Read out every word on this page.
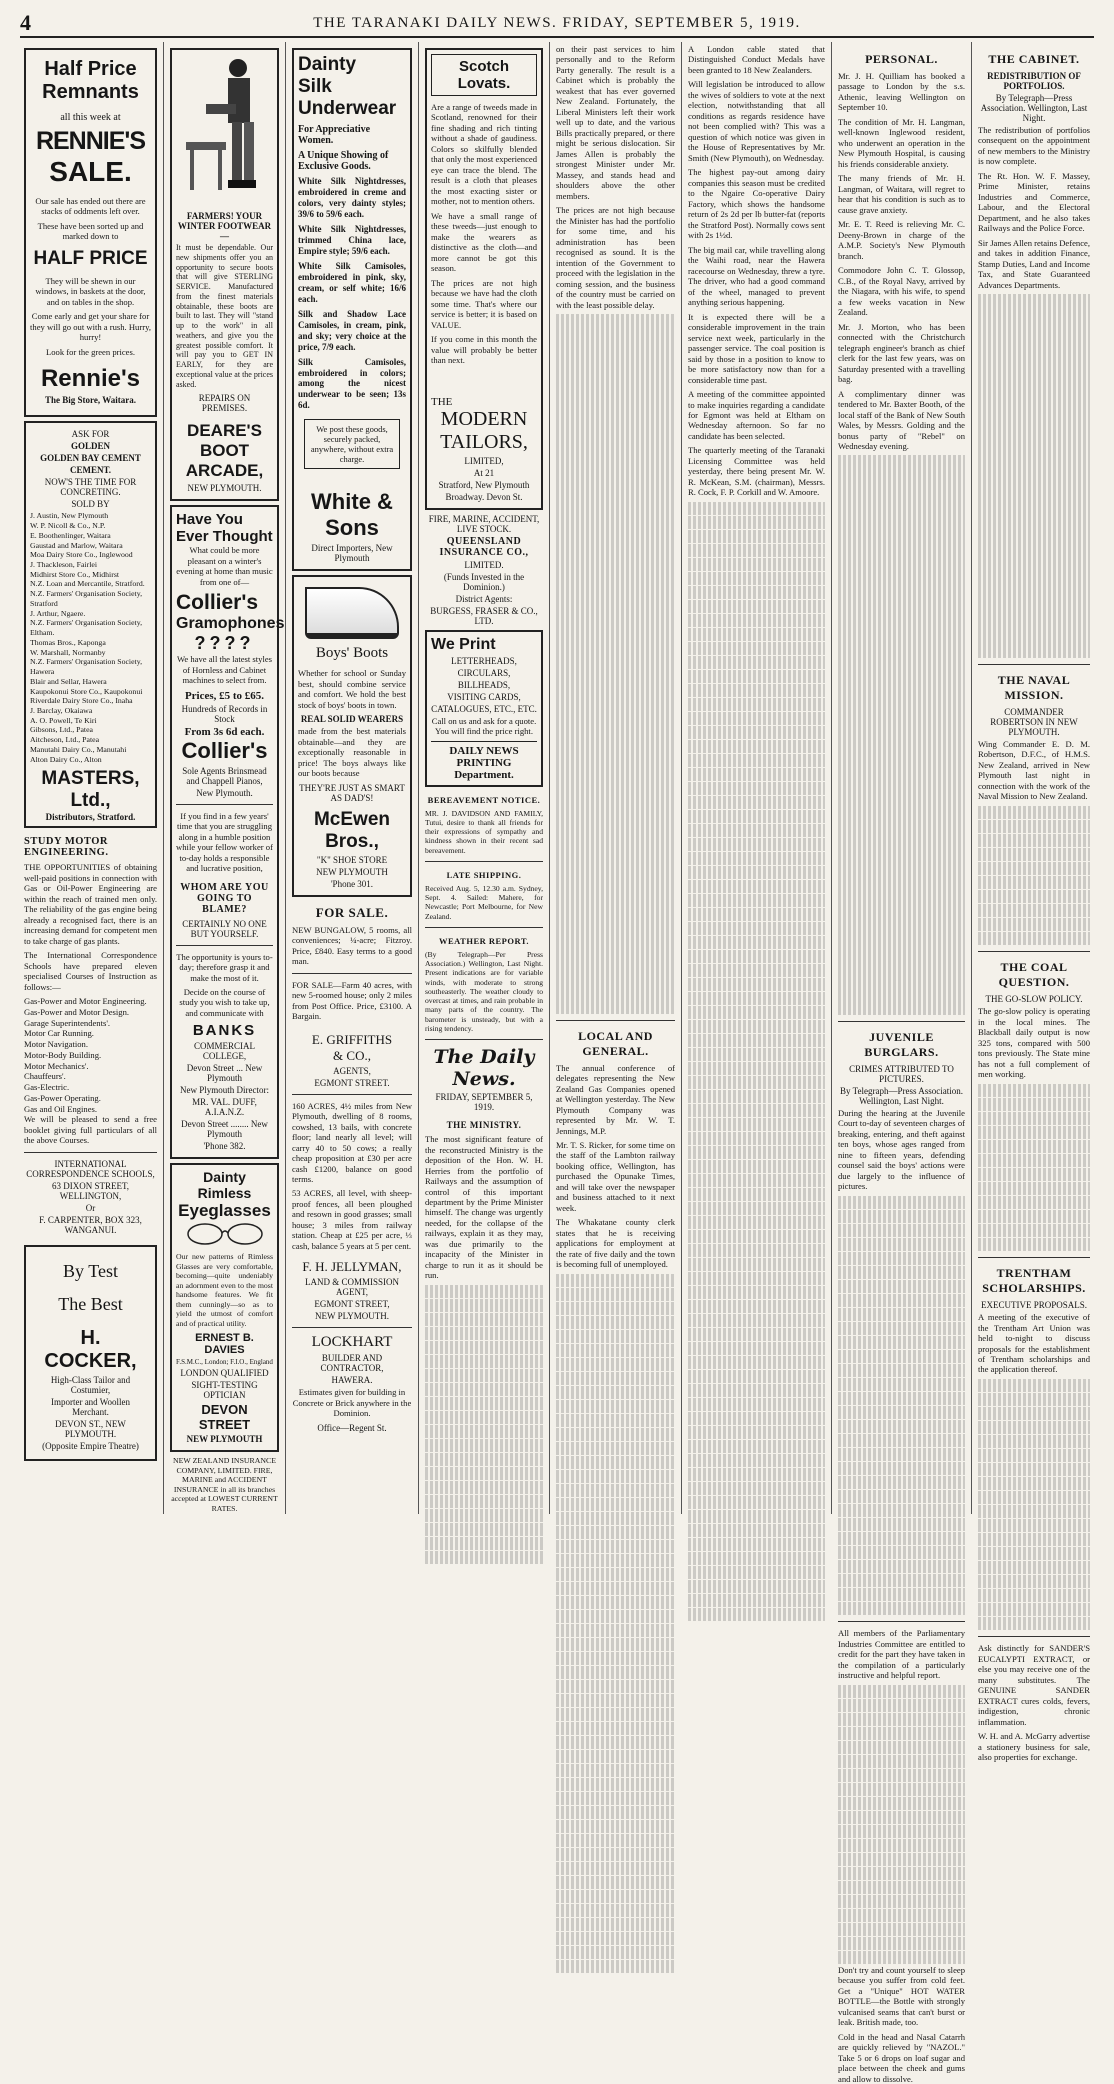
4	THE TARANAKI DAILY NEWS. FRIDAY, SEPTEMBER 5, 1919.
Half Price
Remnants
all this week at
RENNIE'S
SALE.
Our sale has ended out there are stacks of oddments left over.
These have been sorted up and marked down to
HALF PRICE
They will be shewn in our windows, in baskets at the door, and on tables in the shop.
Come early and get your share for they will go out with a rush. Hurry, hurry!
Look for the green prices.
Rennie's
The Big Store, Waitara.
ASK FOR
GOLDEN
GOLDEN BAY CEMENT
CEMENT.
NOW'S THE TIME FOR CONCRETING.
SOLD BY
J. Austin, New Plymouth
W. P. Nicoll & Co., N.P.
E. Boothenlinger, Waitara
Gaustad and Marlow, Waitara
Moa Dairy Store Co., Inglewood
J. Thackleson, Fairlei
Midhirst Store Co., Midhirst
N.Z. Loan and Mercantile, Stratford.
N.Z. Farmers' Organisation Society, Stratford
J. Arthur, Ngaere.
N.Z. Farmers' Organisation Society, Eltham.
Thomas Bros., Kaponga
W. Marshall, Normanby
N.Z. Farmers' Organisation Society, Hawera
Blair and Sellar, Hawera
Kaupokonui Store Co., Kaupokonui
Riverdale Dairy Store Co., Inaha
J. Barclay, Okaiawa
A. O. Powell, Te Kiri
Gibsons, Ltd., Patea
Aitcheson, Ltd., Patea
Manutahi Dairy Co., Manutahi
Alton Dairy Co., Alton
MASTERS, Ltd.,
Distributors, Stratford.
STUDY MOTOR ENGINEERING.
THE OPPORTUNITIES of obtaining well-paid positions in connection with Gas or Oil-Power Engineering are within the reach of trained men only. The reliability of the gas engine being already a recognised fact, there is an increasing demand for competent men to take charge of gas plants.
The International Correspondence Schools have prepared eleven specialised Courses of Instruction as follows:—
Gas-Power and Motor Engineering.
Gas-Power and Motor Design.
Garage Superintendents'.
Motor Car Running.
Motor Navigation.
Motor-Body Building.
Motor Mechanics'.
Chauffeurs'.
Gas-Electric.
Gas-Power Operating.
Gas and Oil Engines.
We will be pleased to send a free booklet giving full particulars of all the above Courses.
INTERNATIONAL CORRESPONDENCE SCHOOLS,
63 DIXON STREET, WELLINGTON,
Or
F. CARPENTER, BOX 323, WANGANUI.
By Test
The Best
H. COCKER,
High-Class Tailor and Costumier,
Importer and Woollen Merchant.
DEVON ST., NEW PLYMOUTH.
(Opposite Empire Theatre)
FARMERS! YOUR WINTER FOOTWEAR—
It must be dependable. Our new shipments offer you an opportunity to secure boots that will give STERLING SERVICE. Manufactured from the finest materials obtainable, these boots are built to last. They will "stand up to the work" in all weathers, and give you the greatest possible comfort. It will pay you to GET IN EARLY, for they are exceptional value at the prices asked.
REPAIRS ON PREMISES.
DEARE'S
BOOT
ARCADE,
NEW PLYMOUTH.
Have You
Ever Thought
What could be more pleasant on a winter's evening at home than music from one of—
Collier's
Gramophones
????
We have all the latest styles of Hornless and Cabinet machines to select from.
Prices, £5 to £65.
Hundreds of Records in Stock
From 3s 6d each.
Collier's
Sole Agents Brinsmead and Chappell Pianos,
New Plymouth.
If you find in a few years' time that you are struggling along in a humble position while your fellow worker of to-day holds a responsible and lucrative position,
WHOM ARE YOU GOING TO BLAME?
CERTAINLY NO ONE BUT YOURSELF.
The opportunity is yours to-day; therefore grasp it and make the most of it.
Decide on the course of study you wish to take up, and communicate with
BANKS
COMMERCIAL COLLEGE,
Devon Street ... New Plymouth
New Plymouth Director:
MR. VAL. DUFF, A.I.A.N.Z.
Devon Street ........ New Plymouth
'Phone 382.
Dainty Rimless
Eyeglasses
Our new patterns of Rimless Glasses are very comfortable, becoming—quite undeniably an adornment even to the most handsome features. We fit them cunningly—so as to yield the utmost of comfort and of practical utility.
ERNEST B. DAVIES
F.S.M.C., London; F.I.O., England
LONDON QUALIFIED
SIGHT-TESTING OPTICIAN
DEVON STREET
NEW PLYMOUTH
NEW ZEALAND INSURANCE COMPANY, LIMITED. FIRE, MARINE and ACCIDENT INSURANCE in all its branches accepted at LOWEST CURRENT RATES.
Dainty
Silk
Underwear
For Appreciative Women.
A Unique Showing of Exclusive Goods.
White Silk Nightdresses, embroidered in creme and colors, very dainty styles; 39/6 to 59/6 each.
White Silk Nightdresses, trimmed China lace, Empire style; 59/6 each.
White Silk Camisoles, embroidered in pink, sky, cream, or self white; 16/6 each.
Silk and Shadow Lace Camisoles, in cream, pink, and sky; very choice at the price, 7/9 each.
Silk Camisoles, embroidered in colors; among the nicest underwear to be seen; 13s 6d.
We post these goods, securely packed, anywhere, without extra charge.
White & Sons
Direct Importers, New Plymouth
Boys' Boots
Whether for school or Sunday best, should combine service and comfort. We hold the best stock of boys' boots in town.
REAL SOLID WEARERS
made from the best materials obtainable—and they are exceptionally reasonable in price! The boys always like our boots because
THEY'RE JUST AS SMART AS DAD'S!
McEwen Bros.,
"K" SHOE STORE
NEW PLYMOUTH
'Phone 301.
FOR SALE.
NEW BUNGALOW, 5 rooms, all conveniences; ¼-acre; Fitzroy. Price, £840. Easy terms to a good man.
FOR SALE—Farm 40 acres, with new 5-roomed house; only 2 miles from Post Office. Price, £3100. A Bargain.
E. GRIFFITHS
& CO.,
AGENTS,
EGMONT STREET.
160 ACRES, 4½ miles from New Plymouth, dwelling of 8 rooms, cowshed, 13 bails, with concrete floor; land nearly all level; will carry 40 to 50 cows; a really cheap proposition at £30 per acre cash £1200, balance on good terms.
53 ACRES, all level, with sheep-proof fences, all been ploughed and resown in good grasses; small house; 3 miles from railway station. Cheap at £25 per acre, ⅓ cash, balance 5 years at 5 per cent.
F. H. JELLYMAN,
LAND & COMMISSION AGENT,
EGMONT STREET,
NEW PLYMOUTH.
LOCKHART
BUILDER AND CONTRACTOR,
HAWERA.
Estimates given for building in Concrete or Brick anywhere in the Dominion.
Office—Regent St.
Scotch Lovats.
Are a range of tweeds made in Scotland, renowned for their fine shading and rich tinting without a shade of gaudiness. Colors so skilfully blended that only the most experienced eye can trace the blend. The result is a cloth that pleases the most exacting sister or mother, not to mention others.
We have a small range of these tweeds—just enough to make the wearers as distinctive as the cloth—and more cannot be got this season.
The prices are not high because we have had the cloth some time. That's where our service is better; it is based on VALUE.
If you come in this month the value will probably be better than next.
THE
MODERN
TAILORS,
LIMITED,
At 21
Stratford, New Plymouth
Broadway. Devon St.
FIRE, MARINE, ACCIDENT, LIVE STOCK.
QUEENSLAND INSURANCE CO.,
LIMITED.
(Funds Invested in the Dominion.)
District Agents:
BURGESS, FRASER & CO., LTD.
We Print
LETTERHEADS,
CIRCULARS,
BILLHEADS,
VISITING CARDS,
CATALOGUES, ETC., ETC.
Call on us and ask for a quote. You will find the price right.
DAILY NEWS PRINTING Department.
BEREAVEMENT NOTICE.
MR. J. DAVIDSON AND FAMILY, Tutui, desire to thank all friends for their expressions of sympathy and kindness shown in their recent sad bereavement.
LATE SHIPPING.
Received Aug. 5, 12.30 a.m. Sydney, Sept. 4. Sailed: Mahere, for Newcastle; Port Melbourne, for New Zealand.
WEATHER REPORT.
(By Telegraph—Per Press Association.) Wellington, Last Night. Present indications are for variable winds, with moderate to strong southeasterly. The weather cloudy to overcast at times, and rain probable in many parts of the country. The barometer is unsteady, but with a rising tendency.
The Daily News.
FRIDAY, SEPTEMBER 5, 1919.
THE MINISTRY.
The most significant feature of the reconstructed Ministry is the deposition of the Hon. W. H. Herries from the portfolio of Railways and the assumption of control of this important department by the Prime Minister himself. The change was urgently needed, for the collapse of the railways, explain it as they may, was due primarily to the incapacity of the Minister in charge to run it as it should be run.
on their past services to him personally and to the Reform Party generally. The result is a Cabinet which is probably the weakest that has ever governed New Zealand. Fortunately, the Liberal Ministers left their work well up to date, and the various Bills practically prepared, or there might be serious dislocation. Sir James Allen is probably the strongest Minister under Mr. Massey, and stands head and shoulders above the other members.
The prices are not high because the Minister has had the portfolio for some time, and his administration has been recognised as sound. It is the intention of the Government to proceed with the legislation in the coming session, and the business of the country must be carried on with the least possible delay.
LOCAL AND GENERAL.
The annual conference of delegates representing the New Zealand Gas Companies opened at Wellington yesterday. The New Plymouth Company was represented by Mr. W. T. Jennings, M.P.
Mr. T. S. Ricker, for some time on the staff of the Lambton railway booking office, Wellington, has purchased the Opunake Times, and will take over the newspaper and business attached to it next week.
The Whakatane county clerk states that he is receiving applications for employment at the rate of five daily and the town is becoming full of unemployed.
A London cable stated that Distinguished Conduct Medals have been granted to 18 New Zealanders.
Will legislation be introduced to allow the wives of soldiers to vote at the next election, notwithstanding that all conditions as regards residence have not been complied with? This was a question of which notice was given in the House of Representatives by Mr. Smith (New Plymouth), on Wednesday.
The highest pay-out among dairy companies this season must be credited to the Ngaire Co-operative Dairy Factory, which shows the handsome return of 2s 2d per lb butter-fat (reports the Stratford Post). Normally cows sent with 2s 1½d.
The big mail car, while travelling along the Waihi road, near the Hawera racecourse on Wednesday, threw a tyre. The driver, who had a good command of the wheel, managed to prevent anything serious happening.
It is expected there will be a considerable improvement in the train service next week, particularly in the passenger service. The coal position is said by those in a position to know to be more satisfactory now than for a considerable time past.
A meeting of the committee appointed to make inquiries regarding a candidate for Egmont was held at Eltham on Wednesday afternoon. So far no candidate has been selected.
The quarterly meeting of the Taranaki Licensing Committee was held yesterday, there being present Mr. W. R. McKean, S.M. (chairman), Messrs. R. Cock, F. P. Corkill and W. Amoore.
PERSONAL.
Mr. J. H. Quilliam has booked a passage to London by the s.s. Athenic, leaving Wellington on September 10.
The condition of Mr. H. Langman, well-known Inglewood resident, who underwent an operation in the New Plymouth Hospital, is causing his friends considerable anxiety.
The many friends of Mr. H. Langman, of Waitara, will regret to hear that his condition is such as to cause grave anxiety.
Mr. E. T. Reed is relieving Mr. C. Deeny-Brown in charge of the A.M.P. Society's New Plymouth branch.
Commodore John C. T. Glossop, C.B., of the Royal Navy, arrived by the Niagara, with his wife, to spend a few weeks vacation in New Zealand.
Mr. J. Morton, who has been connected with the Christchurch telegraph engineer's branch as chief clerk for the last few years, was on Saturday presented with a travelling bag.
A complimentary dinner was tendered to Mr. Baxter Booth, of the local staff of the Bank of New South Wales, by Messrs. Golding and the bonus party of "Rebel" on Wednesday evening.
JUVENILE BURGLARS.
CRIMES ATTRIBUTED TO PICTURES.
By Telegraph—Press Association. Wellington, Last Night.
During the hearing at the Juvenile Court to-day of seventeen charges of breaking, entering, and theft against ten boys, whose ages ranged from nine to fifteen years, defending counsel said the boys' actions were due largely to the influence of pictures.
All members of the Parliamentary Industries Committee are entitled to credit for the part they have taken in the compilation of a particularly instructive and helpful report.
Don't try and count yourself to sleep because you suffer from cold feet. Get a "Unique" HOT WATER BOTTLE—the Bottle with strongly vulcanised seams that can't burst or leak. British made, too.
Cold in the head and Nasal Catarrh are quickly relieved by "NAZOL." Take 5 or 6 drops on loaf sugar and place between the cheek and gums and allow to dissolve.
THE CABINET.
REDISTRIBUTION OF PORTFOLIOS.
By Telegraph—Press Association. Wellington, Last Night.
The redistribution of portfolios consequent on the appointment of new members to the Ministry is now complete.
The Rt. Hon. W. F. Massey, Prime Minister, retains Industries and Commerce, Labour, and the Electoral Department, and he also takes Railways and the Police Force.
Sir James Allen retains Defence, and takes in addition Finance, Stamp Duties, Land and Income Tax, and State Guaranteed Advances Departments.
THE NAVAL MISSION.
COMMANDER ROBERTSON IN NEW PLYMOUTH.
Wing Commander E. D. M. Robertson, D.F.C., of H.M.S. New Zealand, arrived in New Plymouth last night in connection with the work of the Naval Mission to New Zealand.
THE COAL QUESTION.
THE GO-SLOW POLICY.
The go-slow policy is operating in the local mines. The Blackball daily output is now 325 tons, compared with 500 tons previously. The State mine has not a full complement of men working.
TRENTHAM SCHOLARSHIPS.
EXECUTIVE PROPOSALS.
A meeting of the executive of the Trentham Art Union was held to-night to discuss proposals for the establishment of Trentham scholarships and the application thereof.
Ask distinctly for SANDER'S EUCALYPTI EXTRACT, or else you may receive one of the many substitutes. The GENUINE SANDER EXTRACT cures colds, fevers, indigestion, chronic inflammation.
W. H. and A. McGarry advertise a stationery business for sale, also properties for exchange.
